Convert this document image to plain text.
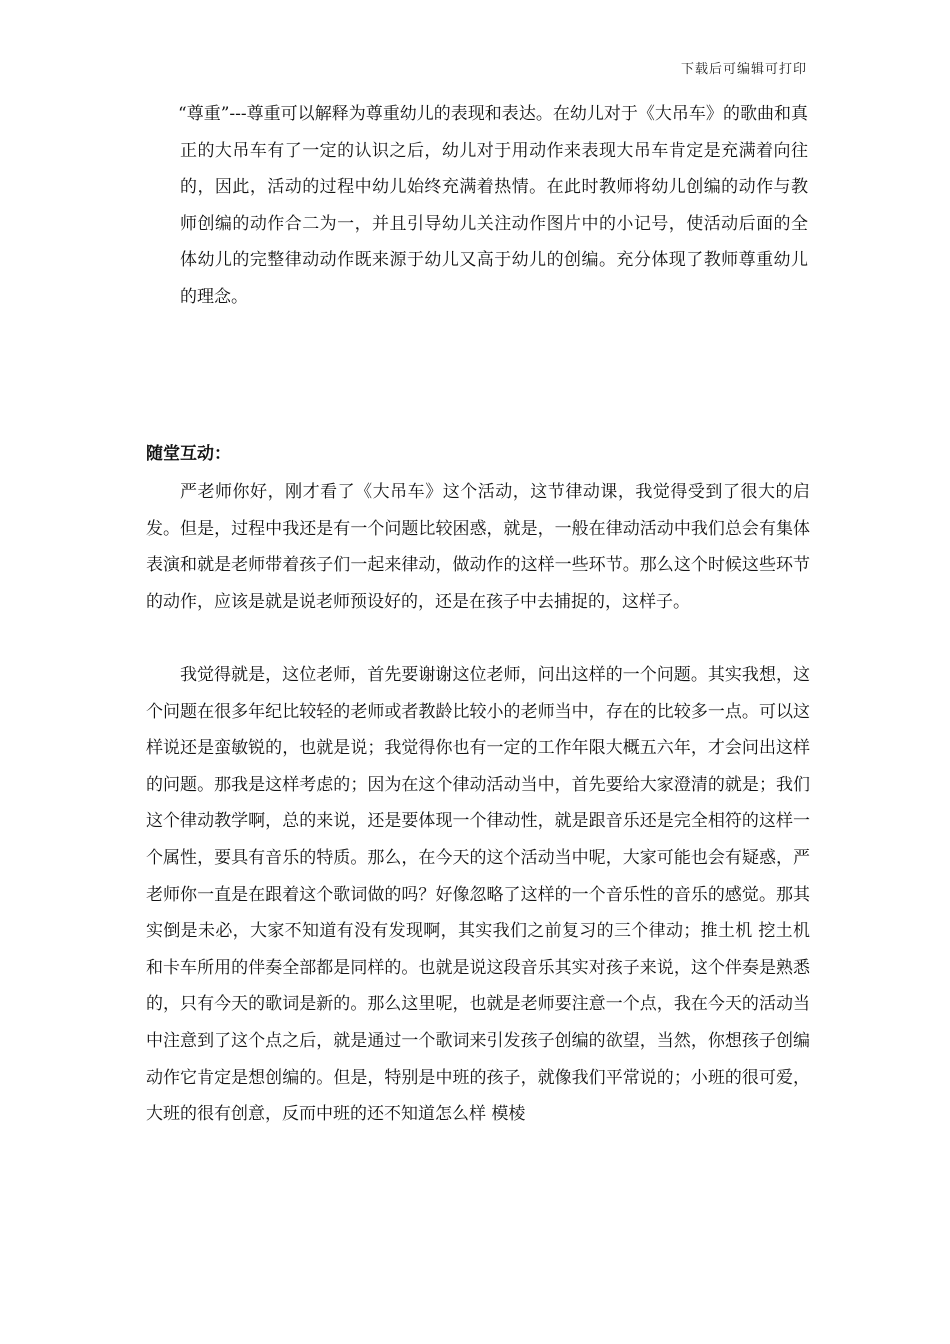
下载后可编辑可打印

“尊重”---尊重可以解释为尊重幼儿的表现和表达。在幼儿对于《大吊车》的歌曲和真正的大吊车有了一定的认识之后，幼儿对于用动作来表现大吊车肯定是充满着向往的，因此，活动的过程中幼儿始终充满着热情。在此时教师将幼儿创编的动作与教师创编的动作合二为一，并且引导幼儿关注动作图片中的小记号，使活动后面的全体幼儿的完整律动动作既来源于幼儿又高于幼儿的创编。充分体现了教师尊重幼儿的理念。

随堂互动：

严老师你好，刚才看了《大吊车》这个活动，这节律动课，我觉得受到了很大的启发。但是，过程中我还是有一个问题比较困惑，就是，一般在律动活动中我们总会有集体表演和就是老师带着孩子们一起来律动，做动作的这样一些环节。那么这个时候这些环节的动作，应该是就是说老师预设好的，还是在孩子中去捕捉的，这样子。

我觉得就是，这位老师，首先要谢谢这位老师，问出这样的一个问题。其实我想，这个问题在很多年纪比较轻的老师或者教龄比较小的老师当中，存在的比较多一点。可以这样说还是蛮敏锐的，也就是说；我觉得你也有一定的工作年限大概五六年，才会问出这样的问题。那我是这样考虑的；因为在这个律动活动当中，首先要给大家澄清的就是；我们这个律动教学啊，总的来说，还是要体现一个律动性，就是跟音乐还是完全相符的这样一个属性，要具有音乐的特质。那么，在今天的这个活动当中呢，大家可能也会有疑惑，严老师你一直是在跟着这个歌词做的吗？好像忽略了这样的一个音乐性的音乐的感觉。那其实倒是未必，大家不知道有没有发现啊，其实我们之前复习的三个律动；推土机 挖土机和卡车所用的伴奏全部都是同样的。也就是说这段音乐其实对孩子来说，这个伴奏是熟悉的，只有今天的歌词是新的。那么这里呢，也就是老师要注意一个点，我在今天的活动当中注意到了这个点之后，就是通过一个歌词来引发孩子创编的欲望，当然，你想孩子创编动作它肯定是想创编的。但是，特别是中班的孩子，就像我们平常说的；小班的很可爱，大班的很有创意，反而中班的还不知道怎么样 模棱
